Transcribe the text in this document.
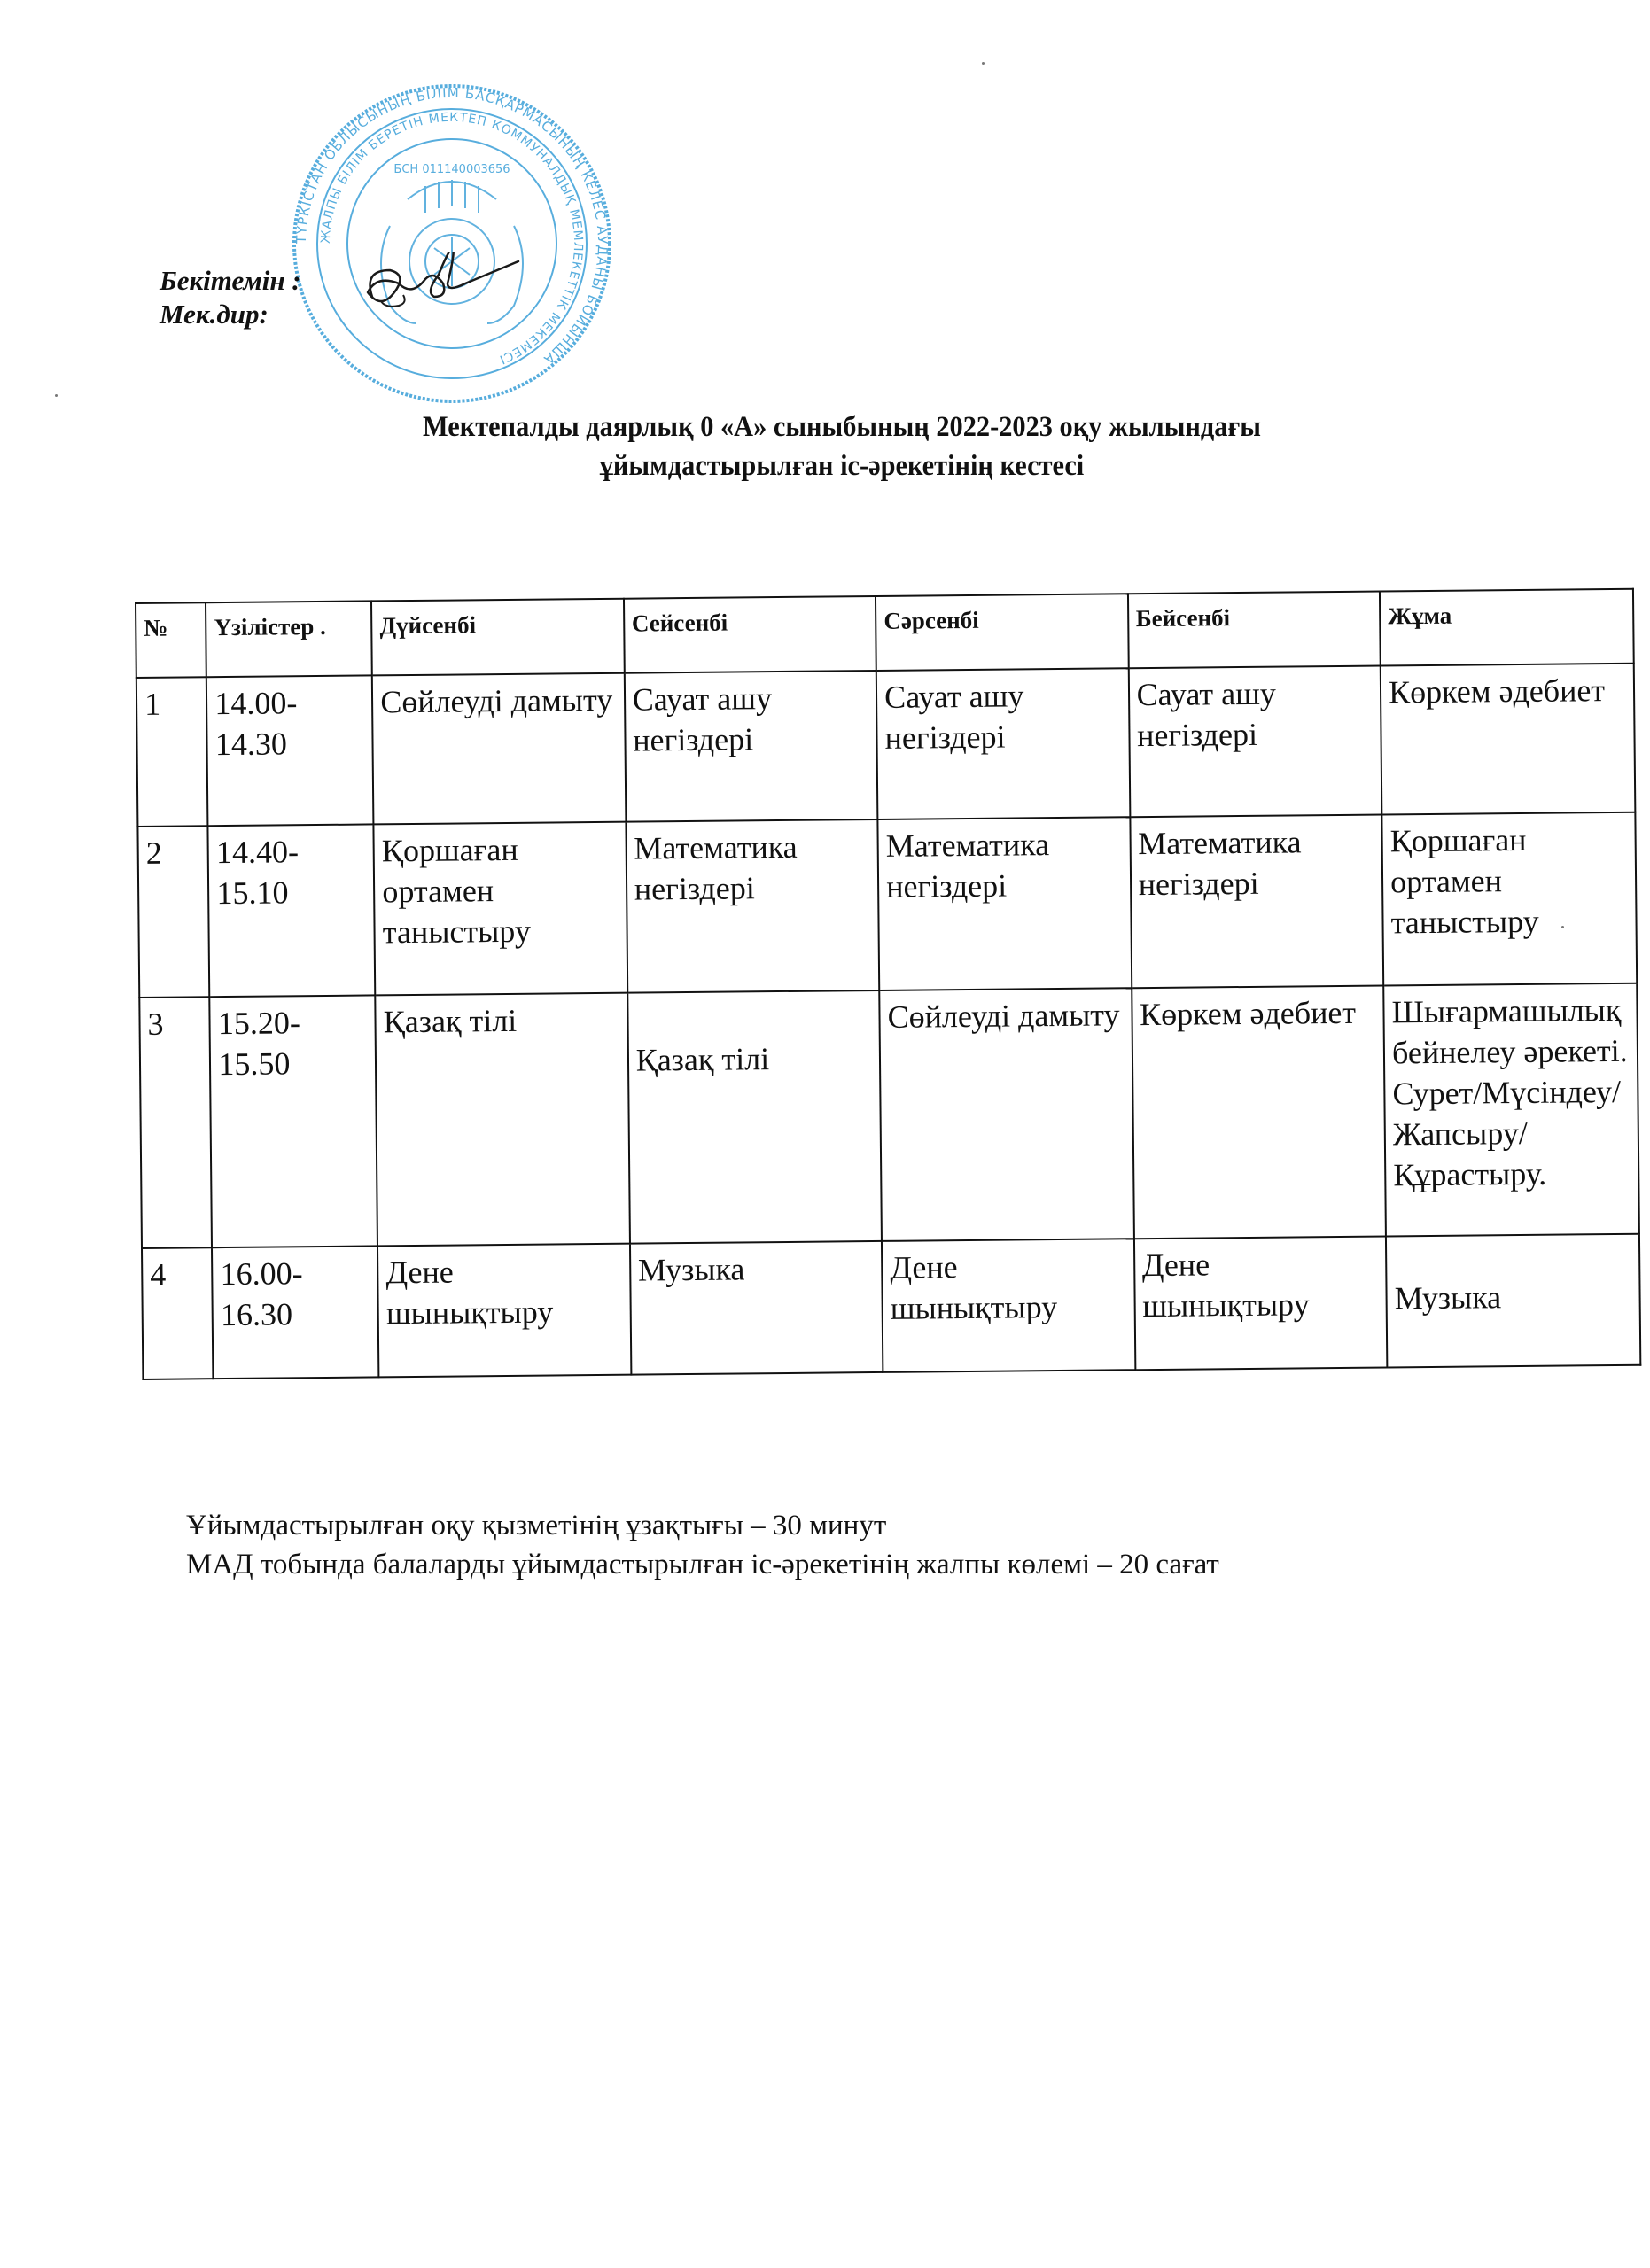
ТҮРКІСТАН ОБЛЫСЫНЫҢ БІЛІМ БАСҚАРМАСЫНЫҢ КЕЛЕС АУДАНЫ БОЙЫНША
ЖАЛПЫ БІЛІМ БЕРЕТІН МЕКТЕП КОММУНАЛДЫҚ МЕМЛЕКЕТТІК МЕКЕМЕСІ
БСН 011140003656
Бекітемін :
Мек.дир:
Мектепалды даярлық 0 «А» сыныбының 2022-2023 оқу жылындағы
ұйымдастырылған іс-әрекетінің кестесі
№	Үзілістер .	Дүйсенбі	Сейсенбі	Сәрсенбі	Бейсенбі	Жұма
1	14.00-14.30	Сөйлеуді дамыту	Сауат ашу негіздері	Сауат ашу негіздері	Сауат ашу негіздері	Көркем әдебиет
2	14.40-15.10	Қоршаған ортамен таныстыру	Математика негіздері	Математика негіздері	Математика негіздері	Қоршаған ортамен таныстыру
3	15.20-15.50	Қазақ тілі	Қазақ тілі	Сөйлеуді дамыту	Көркем әдебиет	Шығармашылық бейнелеу әрекеті. Сурет/Мүсіндеу/Жапсыру/Құрастыру.
4	16.00-16.30	Дене шынықтыру	Музыка	Дене шынықтыру	Дене шынықтыру	Музыка
Ұйымдастырылған оқу қызметінің ұзақтығы – 30 минут
МАД тобында балаларды ұйымдастырылған іс-әрекетінің жалпы көлемі – 20 сағат
